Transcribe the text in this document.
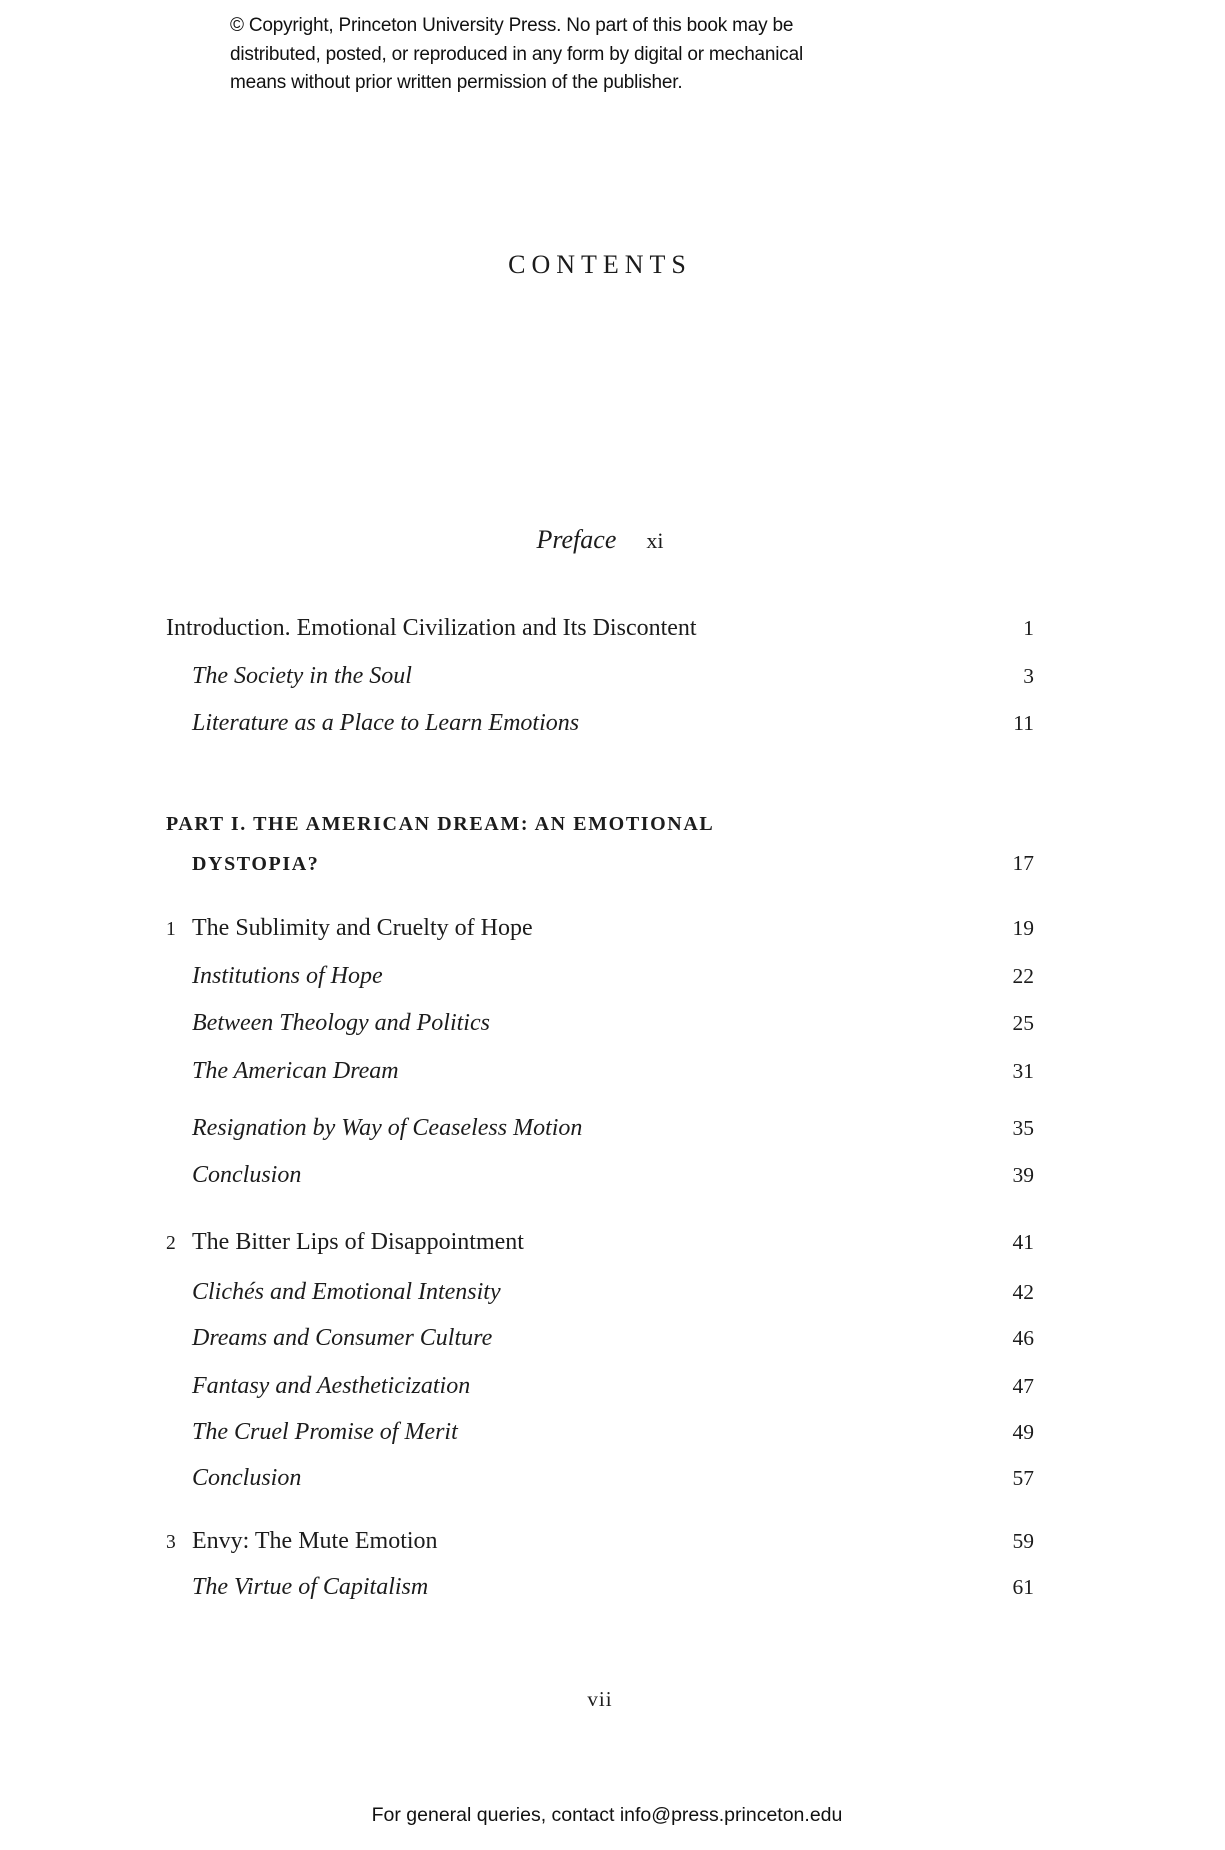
© Copyright, Princeton University Press. No part of this book may be
distributed, posted, or reproduced in any form by digital or mechanical
means without prior written permission of the publisher.
CONTENTS
Preface xi
Introduction. Emotional Civilization and Its Discontent	1
The Society in the Soul	3
Literature as a Place to Learn Emotions	11
PART I. THE AMERICAN DREAM: AN EMOTIONAL
DYSTOPIA?	17
1 The Sublimity and Cruelty of Hope	19
Institutions of Hope	22
Between Theology and Politics	25
The American Dream	31
Resignation by Way of Ceaseless Motion	35
Conclusion	39
2 The Bitter Lips of Disappointment	41
Clichés and Emotional Intensity	42
Dreams and Consumer Culture	46
Fantasy and Aestheticization	47
The Cruel Promise of Merit	49
Conclusion	57
3 Envy: The Mute Emotion	59
The Virtue of Capitalism	61
vii
For general queries, contact info@press.princeton.edu
